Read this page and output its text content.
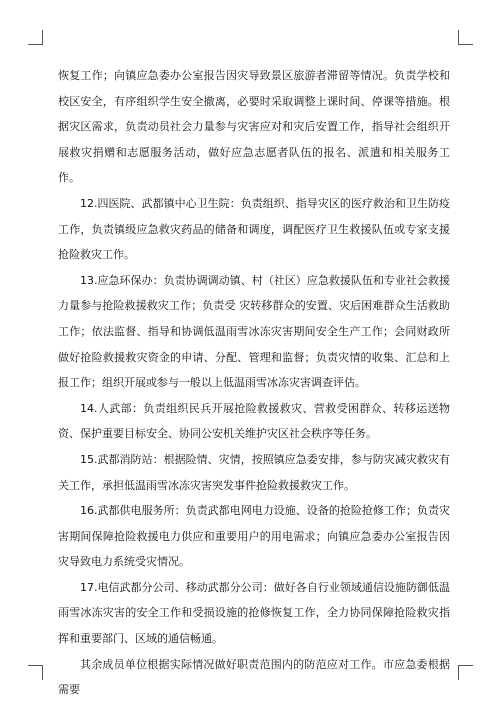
恢复工作；向镇应急委办公室报告因灾导致景区旅游者滞留等情况。负责学校和校区安全，有序组织学生安全撤离，必要时采取调整上课时间、停课等措施。根据灾区需求，负责动员社会力量参与灾害应对和灾后安置工作，指导社会组织开展救灾捐赠和志愿服务活动，做好应急志愿者队伍的报名、派遣和相关服务工作。

12.四医院、武都镇中心卫生院：负责组织、指导灾区的医疗救治和卫生防疫工作，负责镇级应急救灾药品的储备和调度，调配医疗卫生救援队伍或专家支援抢险救灾工作。

13.应急环保办：负责协调调动镇、村（社区）应急救援队伍和专业社会救援力量参与抢险救援救灾工作；负责受 灾转移群众的安置、灾后困难群众生活救助工作；依法监督、指导和协调低温雨雪冰冻灾害期间安全生产工作；会同财政所做好抢险救援救灾资金的申请、分配、管理和监督；负责灾情的收集、汇总和上报工作；组织开展或参与一般以上低温雨雪冰冻灾害调查评估。

14.人武部：负责组织民兵开展抢险救援救灾、营救受困群众、转移运送物资、保护重要目标安全、协同公安机关维护灾区社会秩序等任务。

15.武都消防站：根据险情、灾情，按照镇应急委安排，参与防灾减灾救灾有关工作，承担低温雨雪冰冻灾害突发事件抢险救援救灾工作。

16.武都供电服务所：负责武都电网电力设施、设备的抢险抢修工作；负责灾害期间保障抢险救援电力供应和重要用户的用电需求；向镇应急委办公室报告因灾导致电力系统受灾情况。

17.电信武都分公司、移动武都分公司：做好各自行业领域通信设施防御低温雨雪冰冻灾害的安全工作和受损设施的抢修恢复工作，全力协同保障抢险救灾指挥和重要部门、区域的通信畅通。

其余成员单位根据实际情况做好职责范围内的防范应对工作。市应急委根据需要
